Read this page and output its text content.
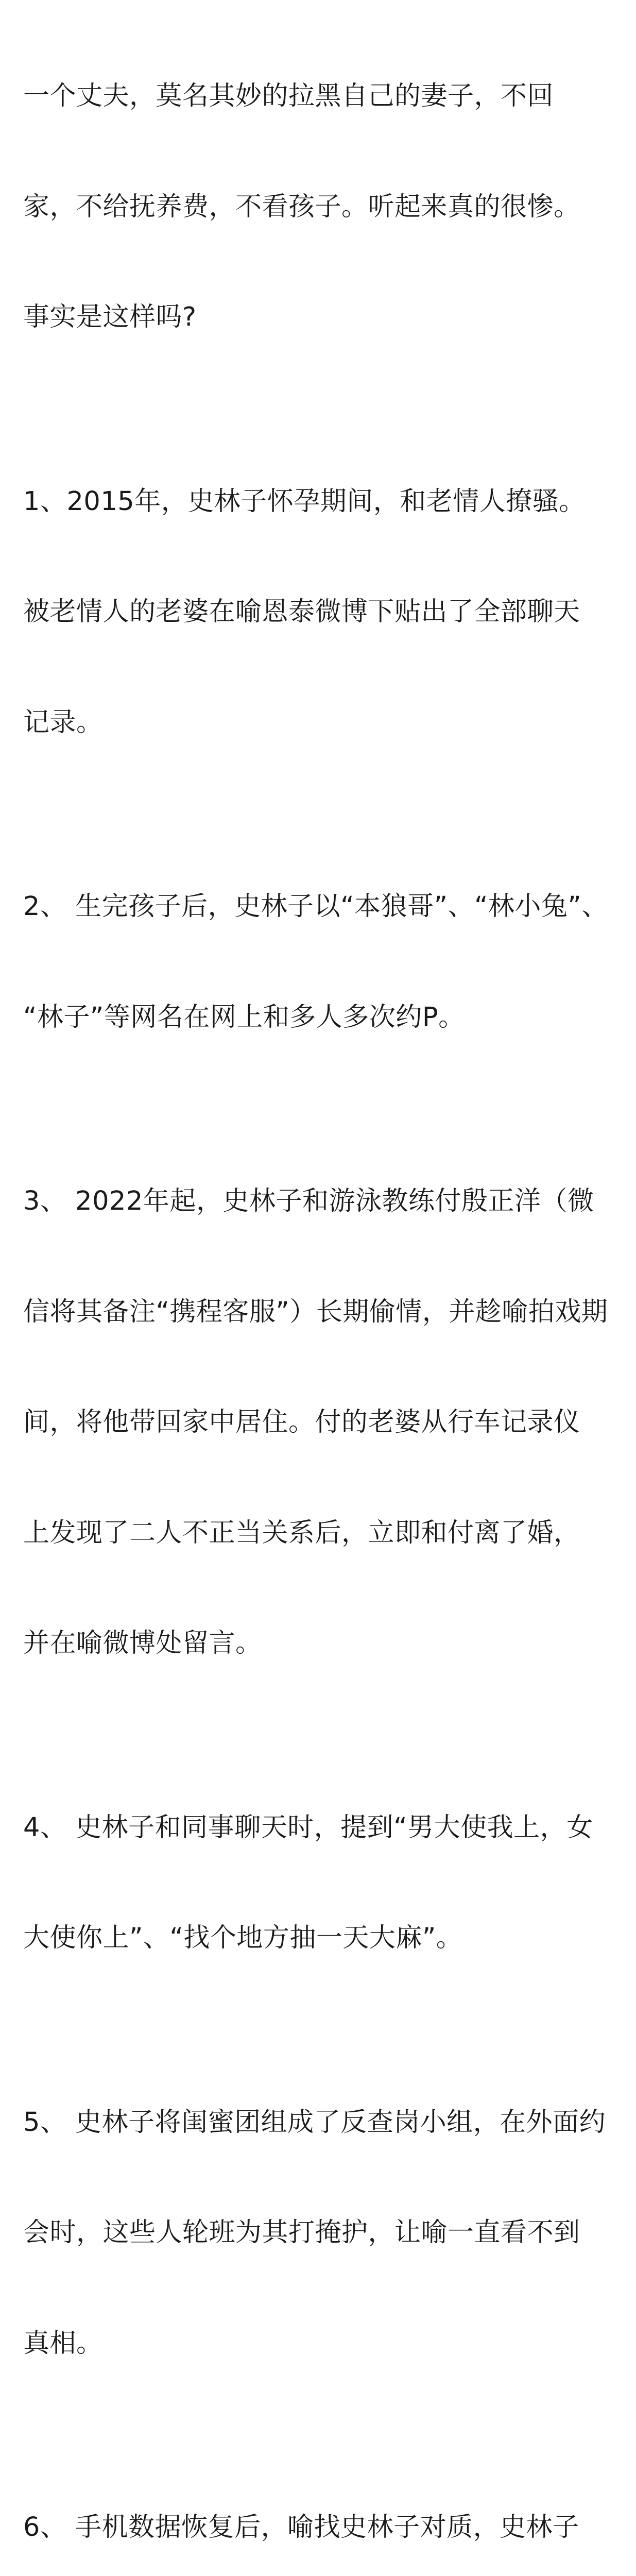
一个丈夫，莫名其妙的拉黑自己的妻子，不回

家，不给抚养费，不看孩子。听起来真的很惨。

事实是这样吗?

1、2015年，史林子怀孕期间，和老情人撩骚。

被老情人的老婆在喻恩泰微博下贴出了全部聊天

记录。

2、 生完孩子后，史林子以“本狼哥”、“林小兔”、

“林子”等网名在网上和多人多次约P。

3、 2022年起，史林子和游泳教练付殷正洋（微

信将其备注“携程客服”）长期偷情，并趁喻拍戏期

间，将他带回家中居住。付的老婆从行车记录仪

上发现了二人不正当关系后，立即和付离了婚，

并在喻微博处留言。

4、 史林子和同事聊天时，提到“男大使我上，女

大使你上”、“找个地方抽一天大麻”。

5、 史林子将闺蜜团组成了反查岗小组，在外面约

会时，这些人轮班为其打掩护，让喻一直看不到

真相。

6、 手机数据恢复后，喻找史林子对质，史林子
